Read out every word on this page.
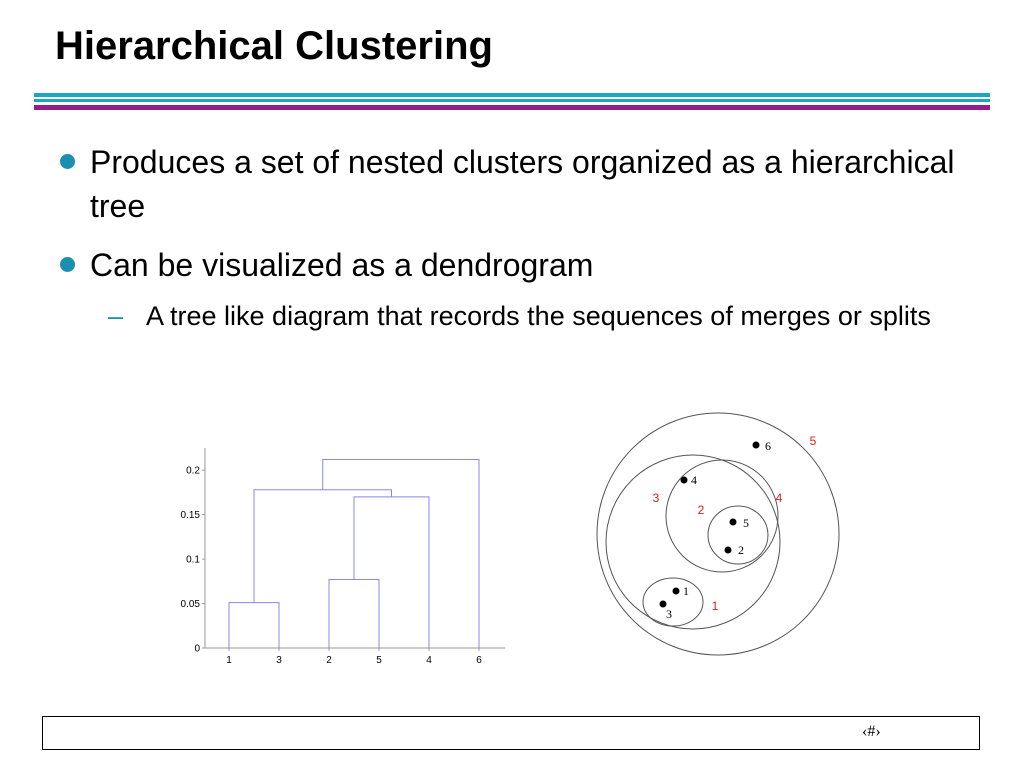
Hierarchical Clustering
Produces a set of nested clusters organized as a hierarchical tree
Can be visualized as a dendrogram
– A tree like diagram that records the sequences of merges or splits
0
0.05
0.1
0.15
0.2
1	3	2	5	4	6
1
2
3
4
5
6
1
2
3	4
5
‹#›
